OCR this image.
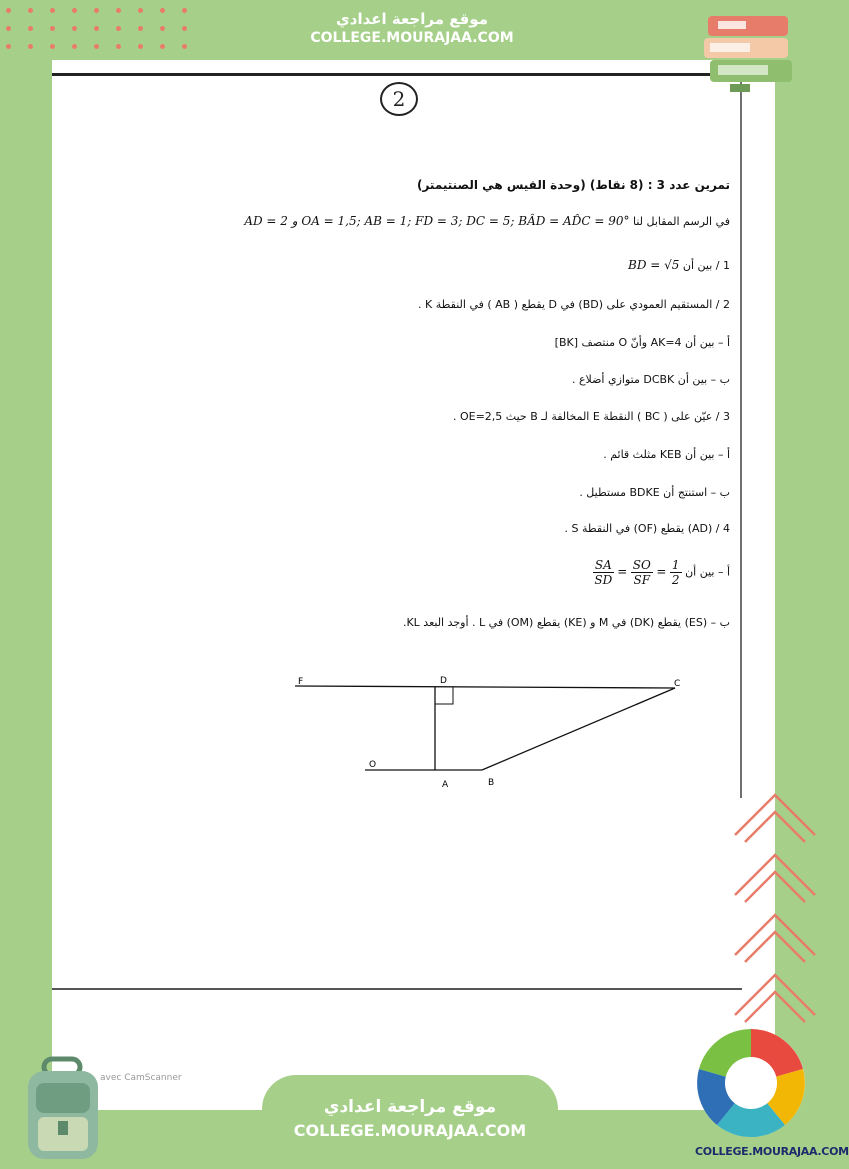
موقع مراجعة اعدادي
COLLEGE.MOURAJAA.COM
2
تمرين عدد 3 : (8 نقاط) (وحدة القيس هي الصنتيمتر)
في الرسم المقابل لنا AD = 2 و OA = 1,5; AB = 1; FD = 3; DC = 5; BÂD = AD̂C = 90°
1 / بين أن BD = √5
2 / المستقيم العمودي على (BD) في D يقطع ( AB ) في النقطة K .
أ – بين أن AK=4 وأنّ O منتصف [BK]
ب – بين أن DCBK متوازي أضلاع .
3 / عيّن على ( BC ) النقطة E المخالفة لـ B حيث OE=2,5 .
أ – بين أن KEB مثلث قائم .
ب – استنتج أن BDKE مستطيل .
4 / (AD) يقطع (OF) في النقطة S .
أ – بين أن
$\frac{SA}{SD} = \frac{SO}{SF} = \frac{1}{2}$
ب – (ES) يقطع (DK) في M و (KE) يقطع (OM) في L . أوجد البعد KL.
F	D	C
O
A	B
avec CamScanner
موقع مراجعة اعدادي
COLLEGE.MOURAJAA.COM
COLLEGE.MOURAJAA.COM
